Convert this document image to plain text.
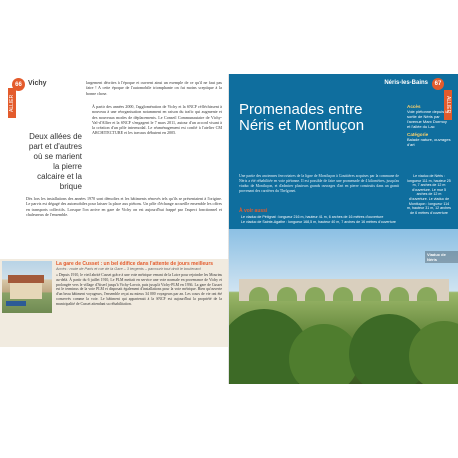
66 Vichy
ALLIER
largement décrites à l'époque et ouvrent ainsi un exemple de ce qu'il ne faut pas faire ! A cette époque de l'automobile triomphante on fut moins sceptique à la bonne chose.
Deux allées de part et d'autres où se marient la pierre calcaire et la brique
À partir des années 2000, l'agglomération de Vichy et la SNCF réfléchissent à nouveau à une réorganisation notamment en raison du trafic qui augmente et des nouveaux modes de déplacements. Le Conseil Communautaire de Vichy-Val-d'Allier et la SNCF s'engagent le 7 mars 2011, autour d'un accord visant à la création d'un pôle intermodal. Le réaménagement est confié à l'atelier CM ARCHITECTURE et les travaux débutent en 2005.
Dès lors les installations des années 1970 sont démolies et les bâtiments rénovés tels qu'ils se présentaient à l'origine. Le parvis est dégagé des automobiles pour laisser la place aux piétons. Un pôle d'échange accueille ensemble les offres en transports collectifs. Lorsque l'on arrive en gare de Vichy on est aujourd'hui frappé par l'aspect fonctionnel et chaleureux de l'ensemble.
La gare de Cusset : un bel édifice dans l'attente de jours meilleurs
Accès : route de Paris et rue de la Gare – 3 tergents – parcourir tout droit le boulevard
« Depuis 1910, le vieil abrité Cusset grâce à une voie métrique venant de la Loire pour rejoindre les Mourins au-delà. À partir du 6 juillet 1910, Le PLM mettait en service une voie normale en provenance de Vichy et prolongée vers le village d'Aiserl jusqu'à Vichy-Lavoir, puis jusqu'à Vichy-PLM en 1936. La gare de Cusset est le terminus de la voie PLM et disposait également d'installations pour la voie métrique. Bien qu'ouverte d'un beau bâtiment voyageurs, l'ensemble reçut au mieux 34 000 voyageurs par an. Les cours de vie ont été conservés comme la voie. Le bâtiment qui appartenait à la SNCF est aujourd'hui la propriété de la municipalité de Cusset attendant sa réhabilitation.
Néris-les-Bains	67
ALLIER
Promenades entre Néris et Montluçon
Une partie des anciennes ferroviaires de la ligne de Montluçon à Gouttières acquises par la commune de Néris a été réhabilitée en voie piétonne. Il est possible de faire une promenade de 4 kilomètres, jusqu'au viaduc de Montluçon, et d'admirer plusieurs grands ouvrages d'art en pierre construits dans un granit provenant des carrières du Thelgonet.
À voir aussi
Le viaduc de Pétignat : longueur 216 m, hauteur 41 m, 6 arches de 16 mètres d'ouverture
Le viaduc de Sainte-Agathe : longueur 168,5 m, hauteur 40 m, 7 arches de 16 mètres d'ouverture
Accès
Voie piétonne depuis la sortie de Néris par l'avenue Marx Dormoy et l'allée du Lac
Catégorie
Balade nature, ouvrages d'art
Le viaduc de Néris : longueur 111 m, hauteur 25 m, 7 arches de 12 m d'ouverture. Le mur 5 arches de 12 m d'ouverture. Le viaduc de Montluçon : longueur 114 m, hauteur 31 m, 12 arches de 6 mètres d'ouverture
Viaduc de Néris
